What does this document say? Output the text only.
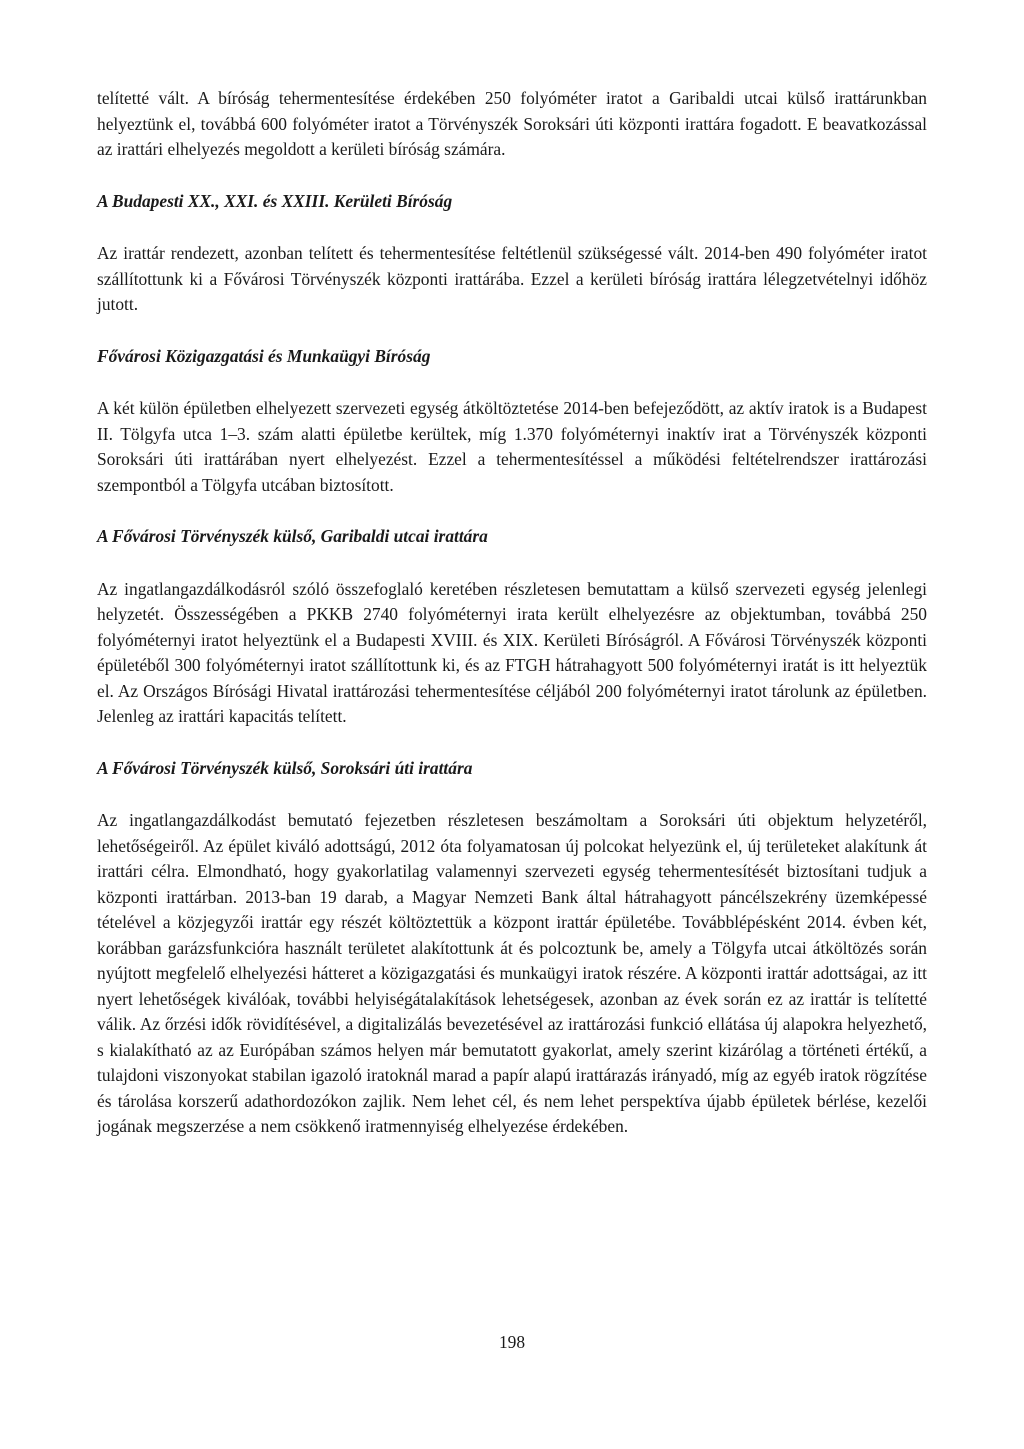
telítetté vált. A bíróság tehermentesítése érdekében 250 folyóméter iratot a Garibaldi utcai külső irattárunkban helyeztünk el, továbbá 600 folyóméter iratot a Törvényszék Soroksári úti központi irattára fogadott. E beavatkozással az irattári elhelyezés megoldott a kerületi bíróság számára.

A Budapesti XX., XXI. és XXIII. Kerületi Bíróság

Az irattár rendezett, azonban telített és tehermentesítése feltétlenül szükségessé vált. 2014-ben 490 folyóméter iratot szállítottunk ki a Fővárosi Törvényszék központi irattárába. Ezzel a kerületi bíróság irattára lélegzetvételnyi időhöz jutott.

Fővárosi Közigazgatási és Munkaügyi Bíróság

A két külön épületben elhelyezett szervezeti egység átköltöztetése 2014-ben befejeződött, az aktív iratok is a Budapest II. Tölgyfa utca 1–3. szám alatti épületbe kerültek, míg 1.370 folyóméternyi inaktív irat a Törvényszék központi Soroksári úti irattárában nyert elhelyezést. Ezzel a tehermentesítéssel a működési feltételrendszer irattározási szempontból a Tölgyfa utcában biztosított.

A Fővárosi Törvényszék külső, Garibaldi utcai irattára

Az ingatlangazdálkodásról szóló összefoglaló keretében részletesen bemutattam a külső szervezeti egység jelenlegi helyzetét. Összességében a PKKB 2740 folyóméternyi irata került elhelyezésre az objektumban, továbbá 250 folyóméternyi iratot helyeztünk el a Budapesti XVIII. és XIX. Kerületi Bíróságról. A Fővárosi Törvényszék központi épületéből 300 folyóméternyi iratot szállítottunk ki, és az FTGH hátrahagyott 500 folyóméternyi iratát is itt helyeztük el. Az Országos Bírósági Hivatal irattározási tehermentesítése céljából 200 folyóméternyi iratot tárolunk az épületben. Jelenleg az irattári kapacitás telített.

A Fővárosi Törvényszék külső, Soroksári úti irattára

Az ingatlangazdálkodást bemutató fejezetben részletesen beszámoltam a Soroksári úti objektum helyzetéről, lehetőségeiről. Az épület kiváló adottságú, 2012 óta folyamatosan új polcokat helyezünk el, új területeket alakítunk át irattári célra. Elmondható, hogy gyakorlatilag valamennyi szervezeti egység tehermentesítését biztosítani tudjuk a központi irattárban. 2013-ban 19 darab, a Magyar Nemzeti Bank által hátrahagyott páncélszekrény üzemképessé tételével a közjegyzői irattár egy részét költöztettük a központ irattár épületébe. Továbblépésként 2014. évben két, korábban garázsfunkcióra használt területet alakítottunk át és polcoztunk be, amely a Tölgyfa utcai átköltözés során nyújtott megfelelő elhelyezési hátteret a közigazgatási és munkaügyi iratok részére. A központi irattár adottságai, az itt nyert lehetőségek kiválóak, további helyiségátalakítások lehetségesek, azonban az évek során ez az irattár is telítetté válik. Az őrzési idők rövidítésével, a digitalizálás bevezetésével az irattározási funkció ellátása új alapokra helyezhető, s kialakítható az az Európában számos helyen már bemutatott gyakorlat, amely szerint kizárólag a történeti értékű, a tulajdoni viszonyokat stabilan igazoló iratoknál marad a papír alapú irattárazás irányadó, míg az egyéb iratok rögzítése és tárolása korszerű adathordozókon zajlik. Nem lehet cél, és nem lehet perspektíva újabb épületek bérlése, kezelői jogának megszerzése a nem csökkenő iratmennyiség elhelyezése érdekében.

198
